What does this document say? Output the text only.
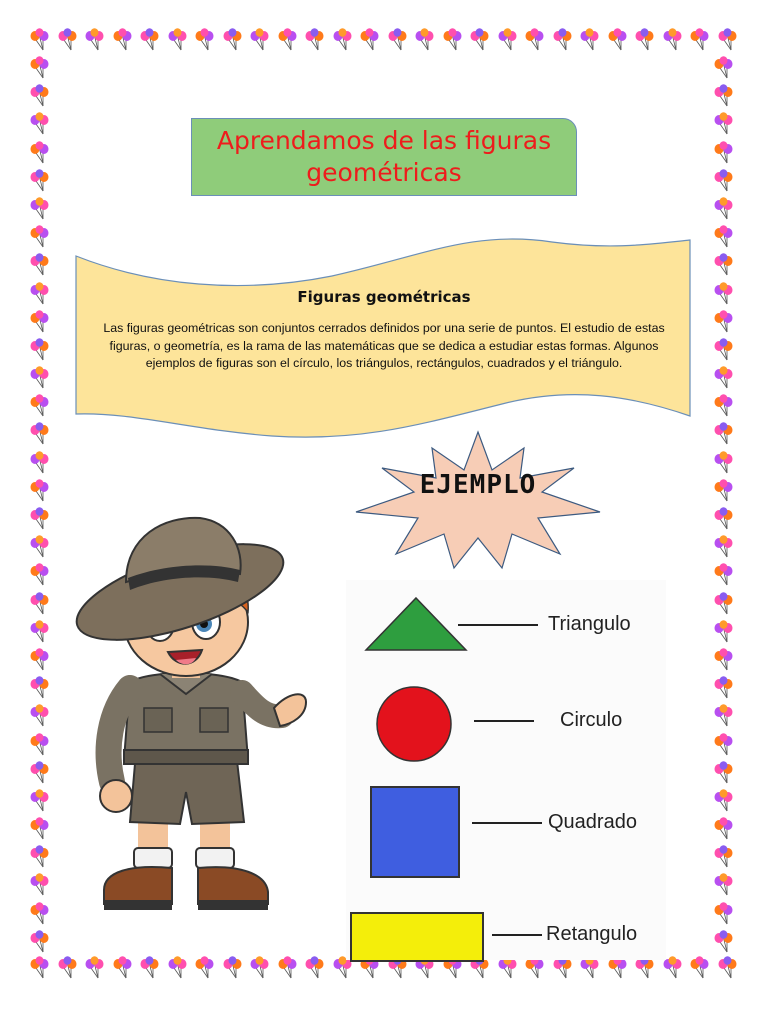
Aprendamos de las figuras geométricas
Figuras geométricas
Las figuras geométricas son conjuntos cerrados definidos por una serie de puntos. El estudio de estas figuras, o geometría, es la rama de las matemáticas que se dedica a estudiar estas formas. Algunos ejemplos de figuras son el círculo, los triángulos, rectángulos, cuadrados y el triángulo.
EJEMPLO
Triangulo
Circulo
Quadrado
Retangulo
